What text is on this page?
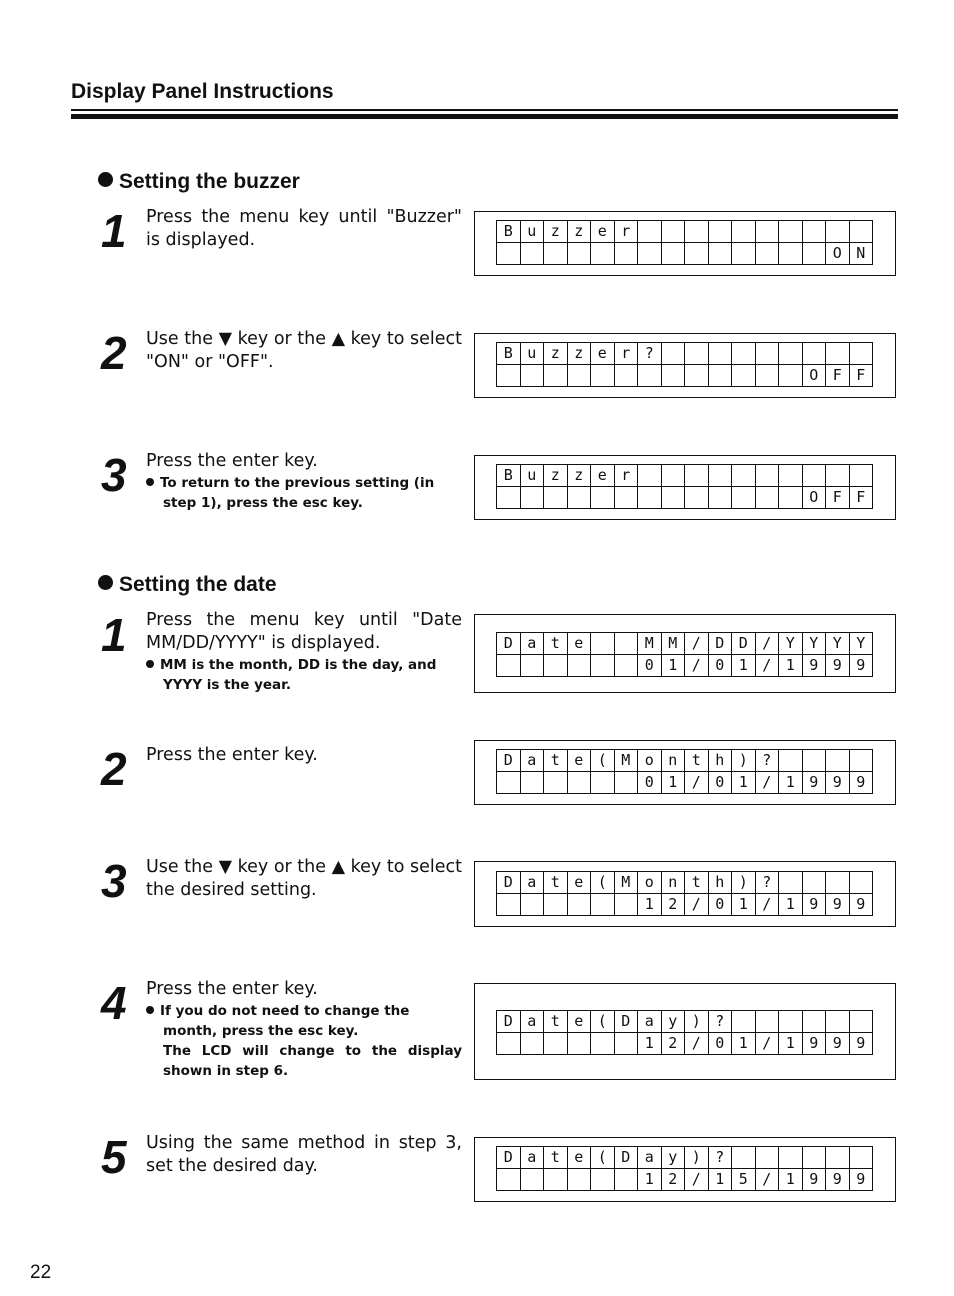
Display Panel Instructions
Setting the buzzer
1 Press the menu key until "Buzzer" is displayed.	B u z z e r
O N
2 Use the ▼ key or the ▲ key to select "ON" or "OFF".	B u z z e r ?
O F F
3 Press the enter key.
To return to the previous setting (in
step 1), press the esc key.
B u z z e r
O F F
Setting the date
1 Press the menu key until "Date MM/DD/YYYY" is displayed.
MM is the month, DD is the day, and
YYYY is the year.
D a t e	M M / D D / Y Y Y Y
0 1 / 0 1 / 1 9 9 9
2 Press the enter key.	D a t e ( M o n t h ) ?
0 1 / 0 1 / 1 9 9 9
3 Use the ▼ key or the ▲ key to select the desired setting.	D a t e ( M o n t h ) ?
1 2 / 0 1 / 1 9 9 9
4 Press the enter key.
If you do not need to change the
month, press the esc key.
The LCD will change to the display shown in step 6.
D a t e ( D a y ) ?
1 2 / 0 1 / 1 9 9 9
5 Using the same method in step 3, set the desired day.	D a t e ( D a y ) ?
1 2 / 1 5 / 1 9 9 9
22
